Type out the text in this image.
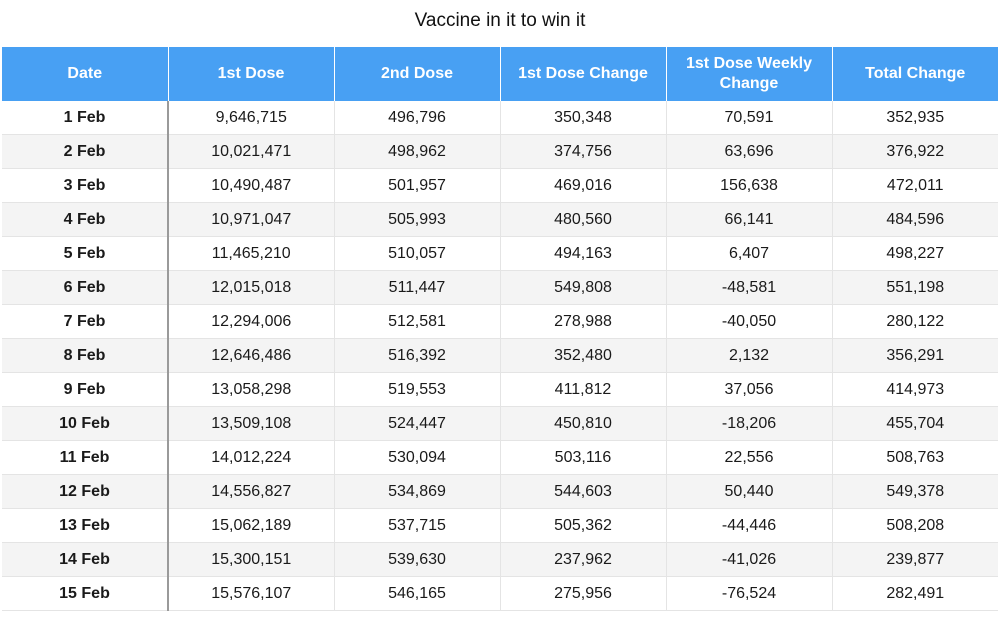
Vaccine in it to win it
Date	1st Dose	2nd Dose	1st Dose Change	1st Dose Weekly Change	Total Change
1 Feb	9,646,715	496,796	350,348	70,591	352,935
2 Feb	10,021,471	498,962	374,756	63,696	376,922
3 Feb	10,490,487	501,957	469,016	156,638	472,011
4 Feb	10,971,047	505,993	480,560	66,141	484,596
5 Feb	11,465,210	510,057	494,163	6,407	498,227
6 Feb	12,015,018	511,447	549,808	-48,581	551,198
7 Feb	12,294,006	512,581	278,988	-40,050	280,122
8 Feb	12,646,486	516,392	352,480	2,132	356,291
9 Feb	13,058,298	519,553	411,812	37,056	414,973
10 Feb	13,509,108	524,447	450,810	-18,206	455,704
11 Feb	14,012,224	530,094	503,116	22,556	508,763
12 Feb	14,556,827	534,869	544,603	50,440	549,378
13 Feb	15,062,189	537,715	505,362	-44,446	508,208
14 Feb	15,300,151	539,630	237,962	-41,026	239,877
15 Feb	15,576,107	546,165	275,956	-76,524	282,491
